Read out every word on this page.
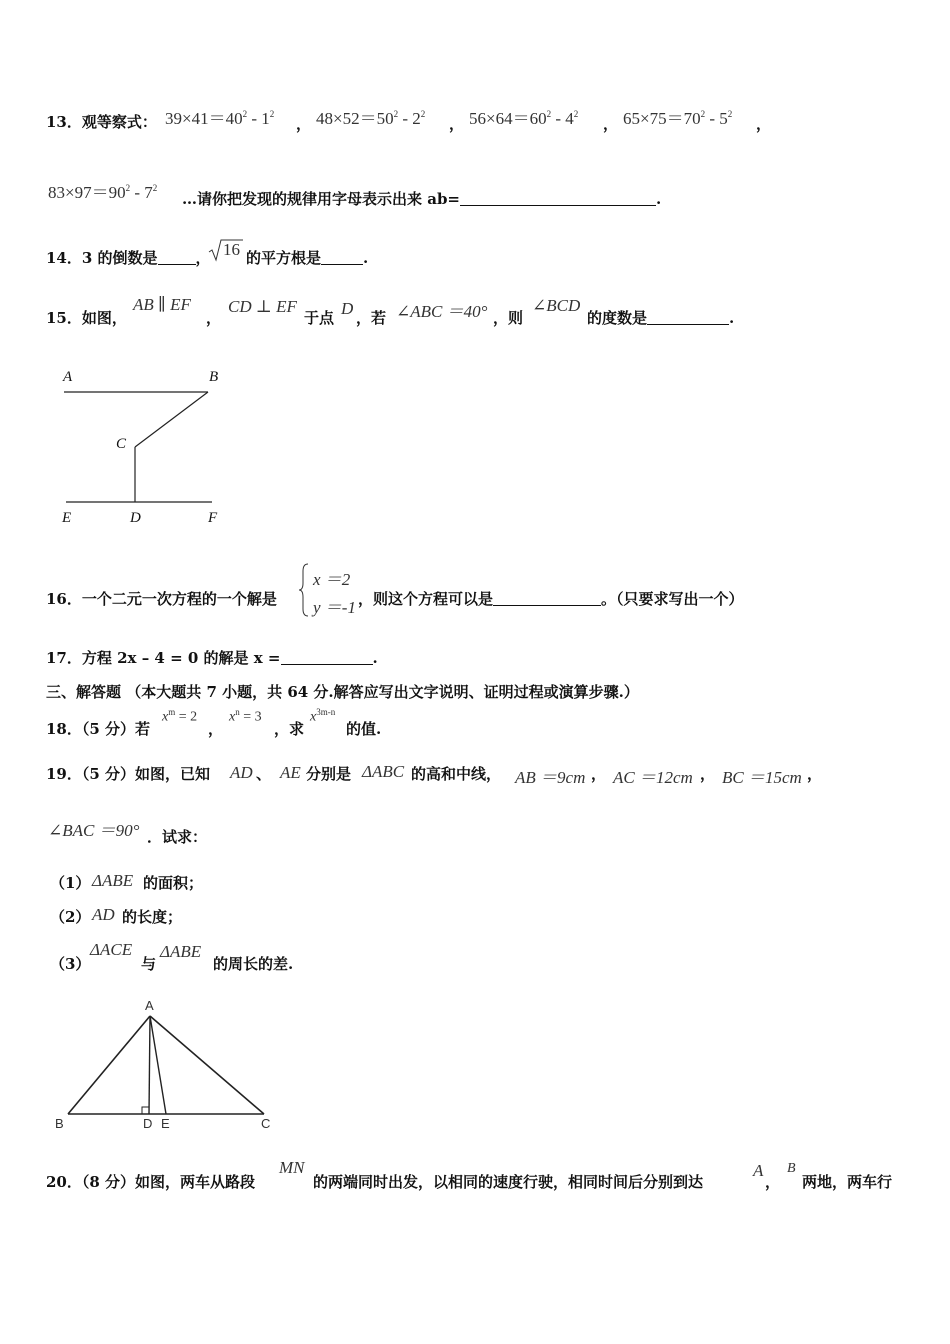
13．观等察式： $39\times 41=40^2 - 1^2$
， $48\times 52=50^2 - 2^2$
， $56\times 64=60^2 - 4^2$
， $65\times 75=70^2 - 5^2$
，
$83\times 97=90^2 - 7^2$
…请你把发现的规律用字母表示出来 ab=	.
14．3 的倒数是	， 16 的平方根是	.
15．如图，
AB ∥ EF
，
CD ⊥ EF
于点 D ，若 ∠ABC ＝40° ，则
∠BCD
的度数是	.
A	B
C
E	D	F
16．一个二元一次方程的一个解是
x ＝2
y ＝-1 ，则这个方程可以是	。（只要求写出一个）
17．方程 2x – 4 = 0 的解是 x =	.
三、解答题 （本大题共 7 小题，共 64 分.解答应写出文字说明、证明过程或演算步骤.）
18．（5 分）若
$x^m = 2$
，
$x^n = 3$
，求
$x^{3m-n}$
的值.
19．（5 分）如图，已知 AD 、 AE 分别是 ΔABC 的高和中线， AB ＝9cm ， AC ＝12cm ， BC ＝15cm ，
∠BAC ＝90° ．试求：
（1） ΔABE 的面积；
（2） AD 的长度；
（3）
ΔACE
与
ΔABE
的周长的差.
A
B	D E	C
20．（8 分）如图，两车从路段
MN
的两端同时出发，以相同的速度行驶，相同时间后分别到达
A
，
B
两地，两车行
